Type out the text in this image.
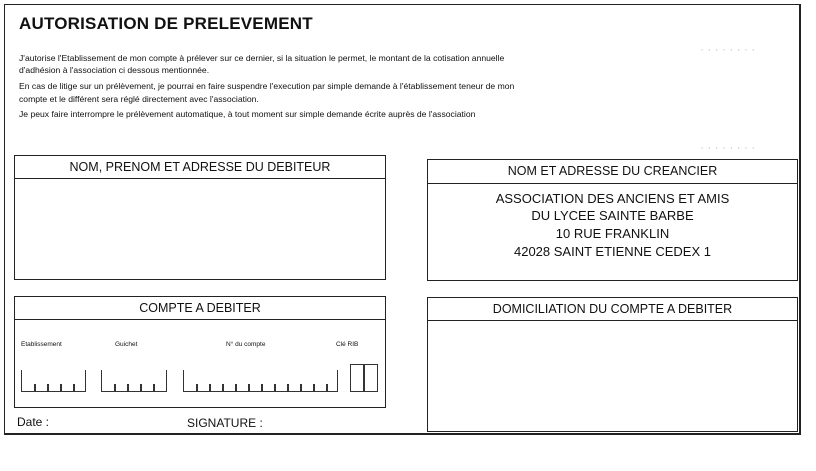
· · · · · · · ·
· · · · · · · ·
AUTORISATION DE PRELEVEMENT
J'autorise l'Etablissement de mon compte à prélever sur ce dernier, si la situation le permet, le montant de la cotisation annuelle
d'adhésion à l'association ci dessous mentionnée.
En cas de litige sur un prélèvement, je pourrai en faire suspendre l'execution par simple demande à l'établissement teneur de mon
compte et le différent sera réglé directement avec l'association.
Je peux faire interrompre le prélèvement automatique, à tout moment sur simple demande écrite auprès de l'association
NOM, PRENOM ET ADRESSE DU DEBITEUR	NOM ET ADRESSE DU CREANCIER
ASSOCIATION DES ANCIENS ET AMIS
DU LYCEE SAINTE BARBE
10 RUE FRANKLIN
42028 SAINT ETIENNE CEDEX 1
COMPTE A DEBITER
Etablissement	Guichet	N° du compte	Clé RIB
DOMICILIATION DU COMPTE A DEBITER
Date :	SIGNATURE :
